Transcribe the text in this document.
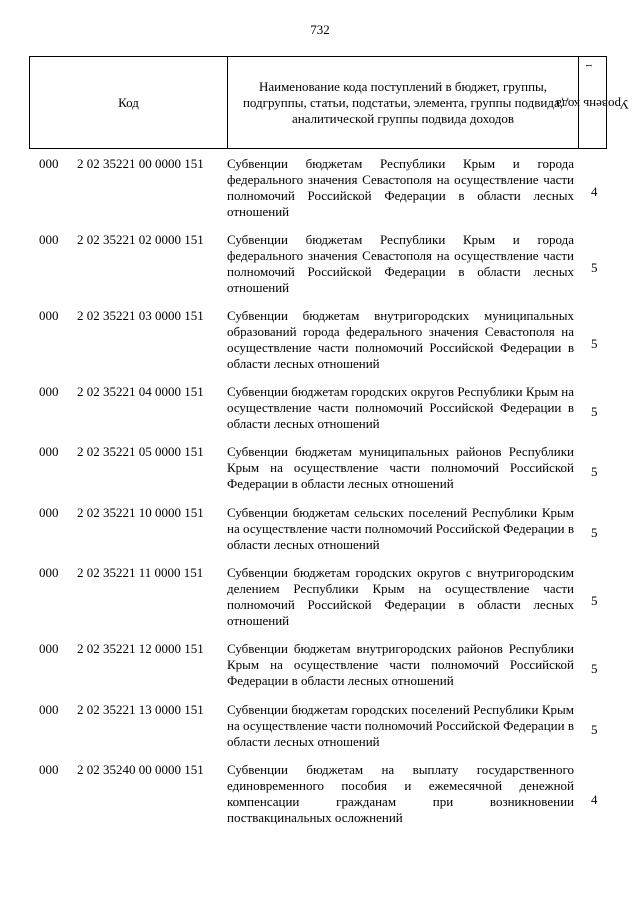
732
Код
Наименование кода поступлений в бюджет, группы, подгруппы, статьи, подстатьи, элемента, группы подвида, аналитической группы подвида доходов
Уровень кода$^1$
000 2 02 35221 00 0000 151 Субвенции бюджетам Республики Крым и города федерального значения Севастополя на осуществление части полномочий Российской Федерации в области лесных отношений
4
000 2 02 35221 02 0000 151 Субвенции бюджетам Республики Крым и города федерального значения Севастополя на осуществление части полномочий Российской Федерации в области лесных отношений
5
000 2 02 35221 03 0000 151 Субвенции бюджетам внутригородских муниципальных образований города федерального значения Севастополя на осуществление части полномочий Российской Федерации в области лесных отношений
5
000 2 02 35221 04 0000 151 Субвенции бюджетам городских округов Республики Крым на осуществление части полномочий Российской Федерации в области лесных отношений
5
000 2 02 35221 05 0000 151 Субвенции бюджетам муниципальных районов Республики Крым на осуществление части полномочий Российской Федерации в области лесных отношений
5
000 2 02 35221 10 0000 151 Субвенции бюджетам сельских поселений Республики Крым на осуществление части полномочий Российской Федерации в области лесных отношений
5
000 2 02 35221 11 0000 151 Субвенции бюджетам городских округов с внутригородским делением Республики Крым на осуществление части полномочий Российской Федерации в области лесных отношений
5
000 2 02 35221 12 0000 151 Субвенции бюджетам внутригородских районов Республики Крым на осуществление части полномочий Российской Федерации в области лесных отношений
5
000 2 02 35221 13 0000 151 Субвенции бюджетам городских поселений Республики Крым на осуществление части полномочий Российской Федерации в области лесных отношений
5
000 2 02 35240 00 0000 151 Субвенции бюджетам на выплату государственного единовременного пособия и ежемесячной денежной компенсации гражданам при возникновении поствакцинальных осложнений
4
